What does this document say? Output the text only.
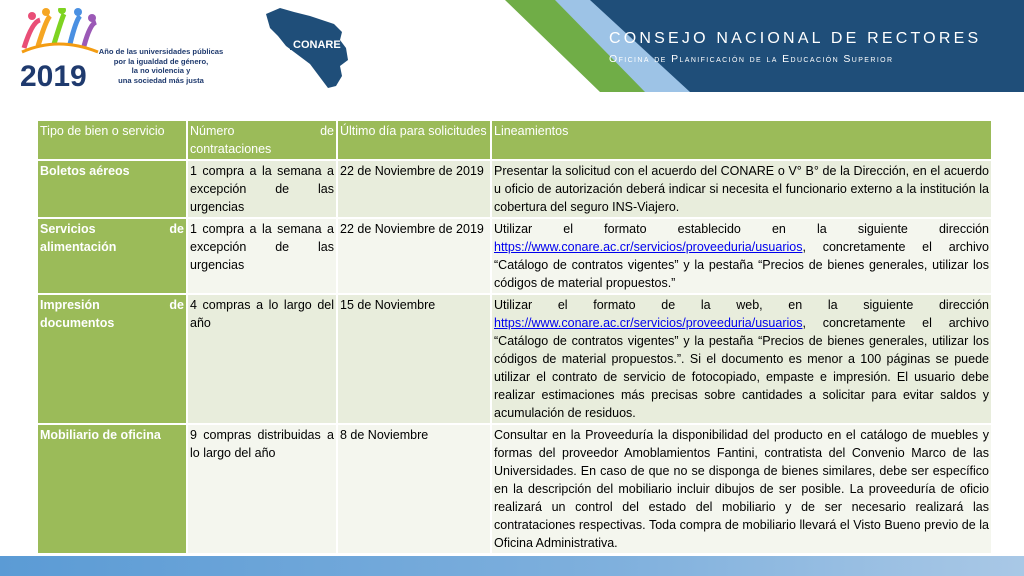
2019
Año de las universidades públicas
por la igualdad de género,
la no violencia y
una sociedad más justa
CONARE	CONSEJO NACIONAL DE RECTORES
Oficina de Planificación de la Educación Superior
Tipo de bien o servicio	Número de contrataciones	Último día para solicitudes	Lineamientos
Boletos aéreos	1 compra a la semana a excepción de las urgencias	22 de Noviembre de 2019	Presentar la solicitud con el acuerdo del CONARE o V° B° de la Dirección, en el acuerdo u oficio de autorización deberá indicar si necesita el funcionario externo a la institución la cobertura del seguro INS-Viajero.
Servicios de alimentación	1 compra a la semana a excepción de las urgencias	22 de Noviembre de 2019	Utilizar el formato establecido en la siguiente dirección https://www.conare.ac.cr/servicios/proveeduria/usuarios, concretamente el archivo “Catálogo de contratos vigentes” y la pestaña “Precios de bienes generales, utilizar los códigos de material propuestos.”
Impresión de documentos	4 compras a lo largo del año	15 de Noviembre	Utilizar el formato de la web, en la siguiente dirección https://www.conare.ac.cr/servicios/proveeduria/usuarios, concretamente el archivo “Catálogo de contratos vigentes” y la pestaña “Precios de bienes generales, utilizar los códigos de material propuestos.”. Si el documento es menor a 100 páginas se puede utilizar el contrato de servicio de fotocopiado, empaste e impresión. El usuario debe realizar estimaciones más precisas sobre cantidades a solicitar para evitar saldos y acumulación de residuos.
Mobiliario de oficina	9 compras distribuidas a lo largo del año	8 de Noviembre	Consultar en la Proveeduría la disponibilidad del producto en el catálogo de muebles y formas del proveedor Amoblamientos Fantini, contratista del Convenio Marco de las Universidades. En caso de que no se disponga de bienes similares, debe ser específico en la descripción del mobiliario incluir dibujos de ser posible. La proveeduría de oficio realizará un control del estado del mobiliario y de ser necesario realizará las contrataciones respectivas. Toda compra de mobiliario llevará el Visto Bueno previo de la Oficina Administrativa.
